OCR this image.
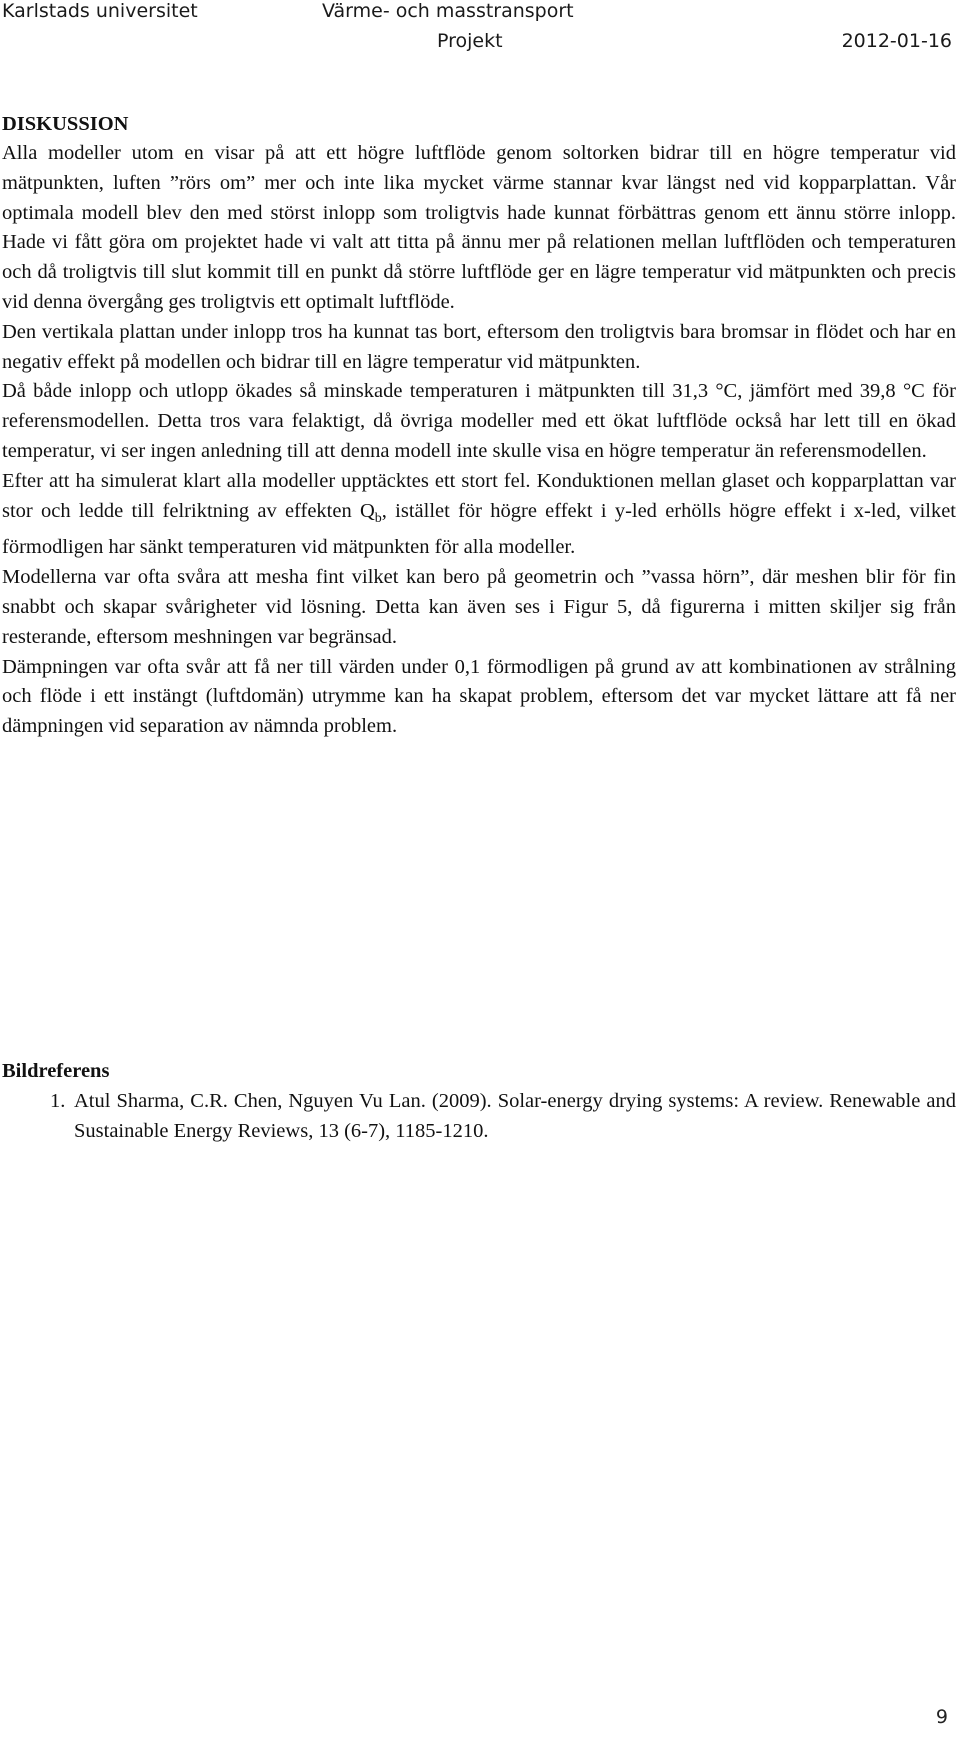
Karlstads universitet	Värme- och masstransport
Projekt	2012-01-16
DISKUSSION

Alla modeller utom en visar på att ett högre luftflöde genom soltorken bidrar till en högre temperatur vid mätpunkten, luften ”rörs om” mer och inte lika mycket värme stannar kvar längst ned vid kopparplattan. Vår optimala modell blev den med störst inlopp som troligtvis hade kunnat förbättras genom ett ännu större inlopp. Hade vi fått göra om projektet hade vi valt att titta på ännu mer på relationen mellan luftflöden och temperaturen och då troligtvis till slut kommit till en punkt då större luftflöde ger en lägre temperatur vid mätpunkten och precis vid denna övergång ges troligtvis ett optimalt luftflöde.

Den vertikala plattan under inlopp tros ha kunnat tas bort, eftersom den troligtvis bara bromsar in flödet och har en negativ effekt på modellen och bidrar till en lägre temperatur vid mätpunkten.

Då både inlopp och utlopp ökades så minskade temperaturen i mätpunkten till 31,3 °C, jämfört med 39,8 °C för referensmodellen. Detta tros vara felaktigt, då övriga modeller med ett ökat luftflöde också har lett till en ökad temperatur, vi ser ingen anledning till att denna modell inte skulle visa en högre temperatur än referensmodellen.

Efter att ha simulerat klart alla modeller upptäcktes ett stort fel. Konduktionen mellan glaset och kopparplattan var stor och ledde till felriktning av effekten $Q_b$, istället för högre effekt i y-led erhölls högre effekt i x-led, vilket förmodligen har sänkt temperaturen vid mätpunkten för alla modeller.

Modellerna var ofta svåra att mesha fint vilket kan bero på geometrin och ”vassa hörn”, där meshen blir för fin snabbt och skapar svårigheter vid lösning. Detta kan även ses i Figur 5, då figurerna i mitten skiljer sig från resterande, eftersom meshningen var begränsad.

Dämpningen var ofta svår att få ner till värden under 0,1 förmodligen på grund av att kombinationen av strålning och flöde i ett instängt (luftdomän) utrymme kan ha skapat problem, eftersom det var mycket lättare att få ner dämpningen vid separation av nämnda problem.

Bildreferens
1. Atul Sharma, C.R. Chen, Nguyen Vu Lan. (2009). Solar-energy drying systems: A review. Renewable and Sustainable Energy Reviews, 13 (6-7), 1185-1210.
9
